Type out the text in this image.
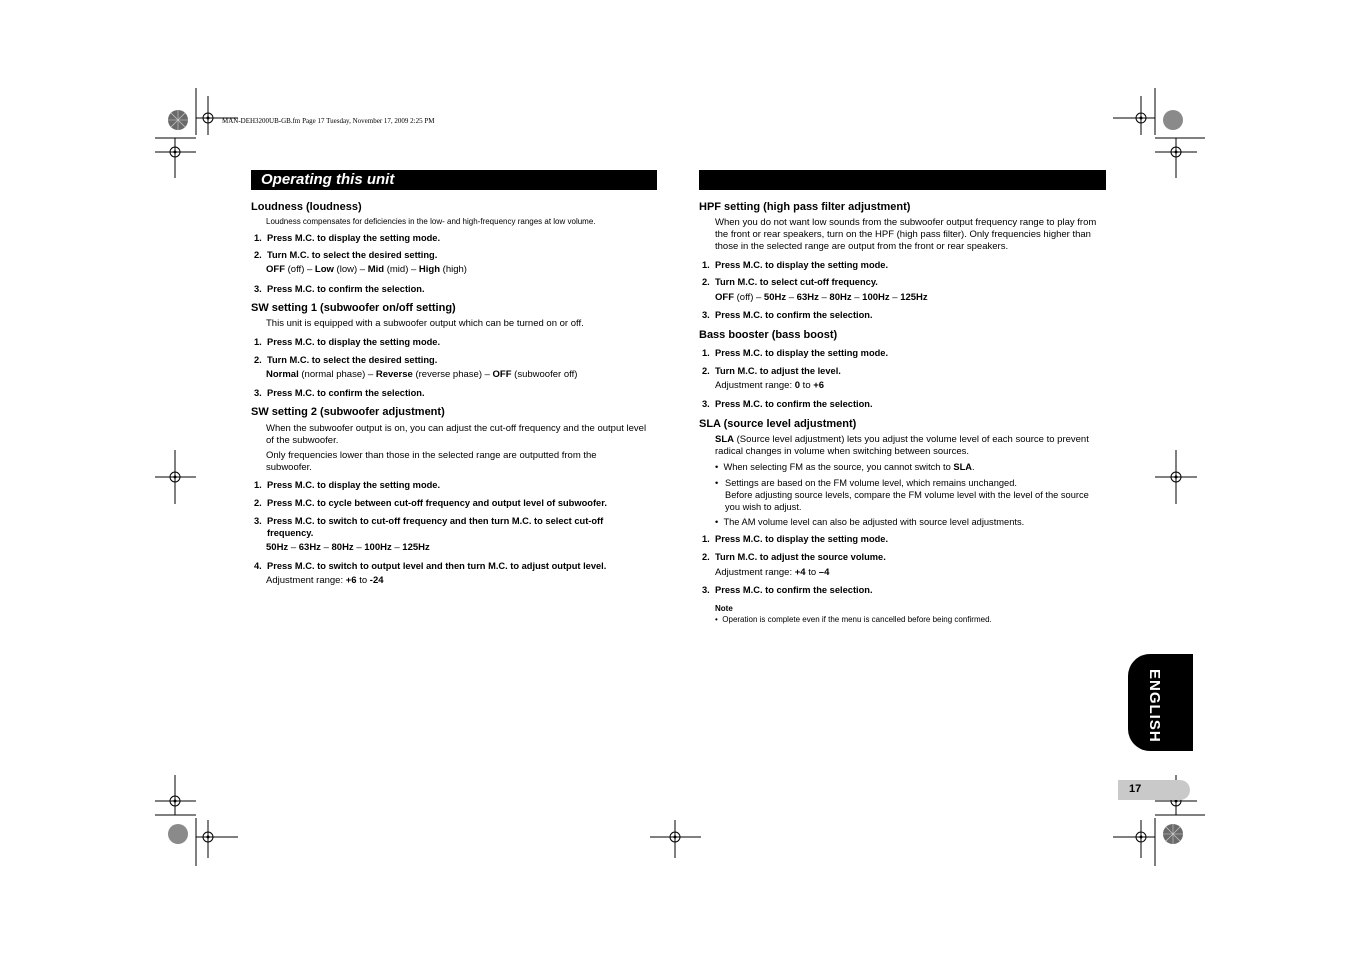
MAN-DEH3200UB-GB.fm Page 17 Tuesday, November 17, 2009 2:25 PM
Operating this unit
Loudness (loudness)
Loudness compensates for deficiencies in the low- and high-frequency ranges at low volume.
1. Press M.C. to display the setting mode.
2. Turn M.C. to select the desired setting.
OFF (off) – Low (low) – Mid (mid) – High (high)
3. Press M.C. to confirm the selection.
SW setting 1 (subwoofer on/off setting)
This unit is equipped with a subwoofer output which can be turned on or off.
1. Press M.C. to display the setting mode.
2. Turn M.C. to select the desired setting.
Normal (normal phase) – Reverse (reverse phase) – OFF (subwoofer off)
3. Press M.C. to confirm the selection.
SW setting 2 (subwoofer adjustment)
When the subwoofer output is on, you can adjust the cut-off frequency and the output level of the subwoofer.
Only frequencies lower than those in the selected range are outputted from the subwoofer.
1. Press M.C. to display the setting mode.
2. Press M.C. to cycle between cut-off frequency and output level of subwoofer.
3. Press M.C. to switch to cut-off frequency and then turn M.C. to select cut-off frequency.
50Hz – 63Hz – 80Hz – 100Hz – 125Hz
4. Press M.C. to switch to output level and then turn M.C. to adjust output level.
Adjustment range: +6 to -24
HPF setting (high pass filter adjustment)
When you do not want low sounds from the subwoofer output frequency range to play from the front or rear speakers, turn on the HPF (high pass filter). Only frequencies higher than those in the selected range are output from the front or rear speakers.
1. Press M.C. to display the setting mode.
2. Turn M.C. to select cut-off frequency.
OFF (off) – 50Hz – 63Hz – 80Hz – 100Hz – 125Hz
3. Press M.C. to confirm the selection.
Bass booster (bass boost)
1. Press M.C. to display the setting mode.
2. Turn M.C. to adjust the level.
Adjustment range: 0 to +6
3. Press M.C. to confirm the selection.
SLA (source level adjustment)
SLA (Source level adjustment) lets you adjust the volume level of each source to prevent radical changes in volume when switching between sources.
• When selecting FM as the source, you cannot switch to SLA.
• Settings are based on the FM volume level, which remains unchanged.
Before adjusting source levels, compare the FM volume level with the level of the source you wish to adjust.
• The AM volume level can also be adjusted with source level adjustments.
1. Press M.C. to display the setting mode.
2. Turn M.C. to adjust the source volume.
Adjustment range: +4 to –4
3. Press M.C. to confirm the selection.
Note
• Operation is complete even if the menu is cancelled before being confirmed.
ENGLISH
17
